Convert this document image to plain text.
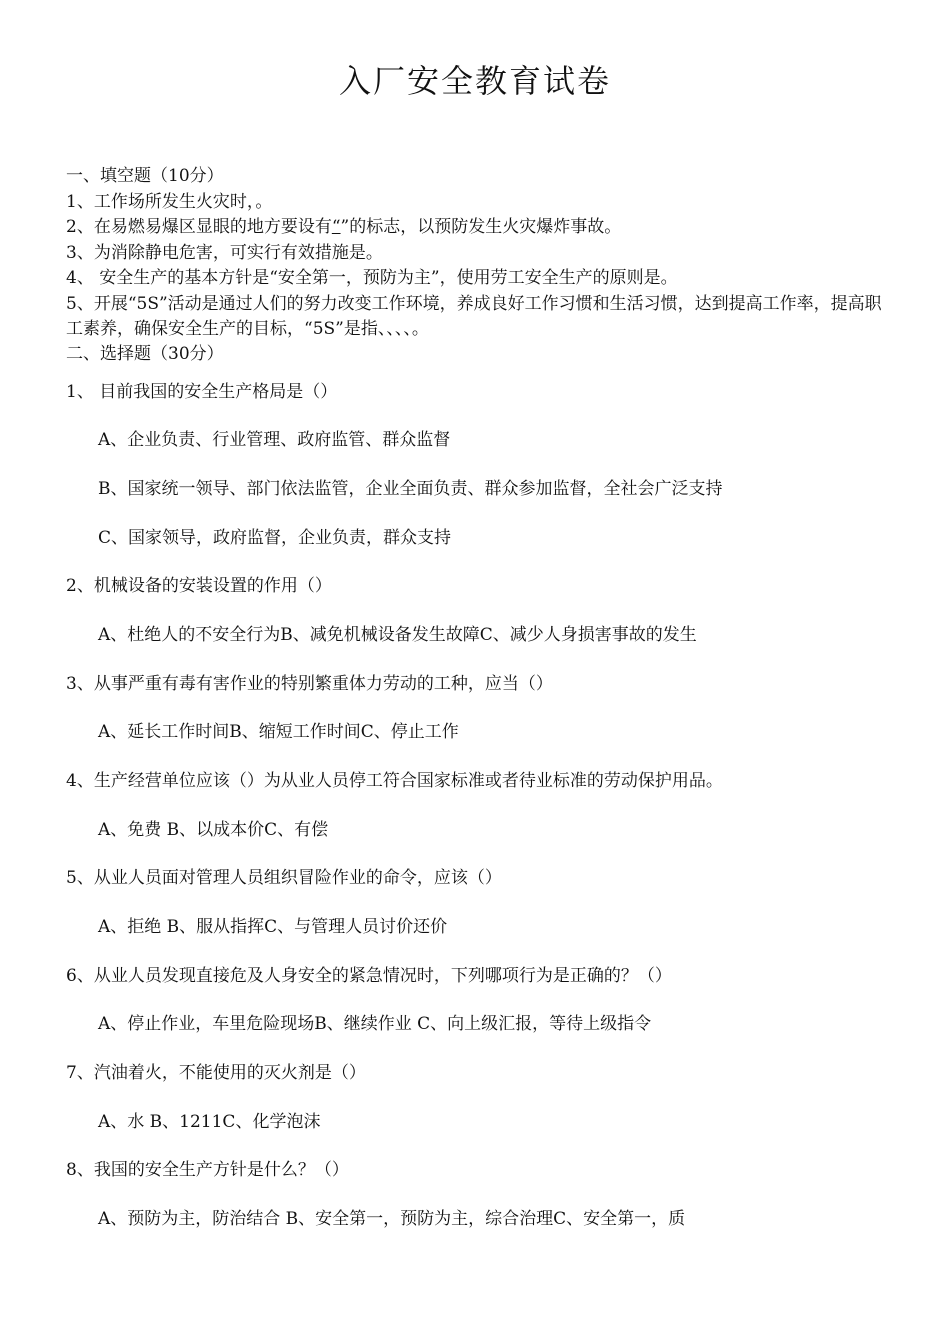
入厂安全教育试卷
一、填空题（10分）
1、工作场所发生火灾时，。
2、在易燃易爆区显眼的地方要设有“”的标志，以预防发生火灾爆炸事故。
3、为消除静电危害，可实行有效措施是。
4、 安全生产的基本方针是“安全第一，预防为主”，使用劳工安全生产的原则是。
5、开展“5S”活动是通过人们的努力改变工作环境，养成良好工作习惯和生活习惯，达到提高工作率，提高职工素养，确保安全生产的目标，“5S”是指、、、、。
二、选择题（30分）
1、 目前我国的安全生产格局是（）
A、企业负责、行业管理、政府监管、群众监督
B、国家统一领导、部门依法监管，企业全面负责、群众参加监督，全社会广泛支持
C、国家领导，政府监督，企业负责，群众支持
2、机械设备的安装设置的作用（）
A、杜绝人的不安全行为B、减免机械设备发生故障C、减少人身损害事故的发生
3、从事严重有毒有害作业的特别繁重体力劳动的工种，应当（）
A、延长工作时间B、缩短工作时间C、停止工作
4、生产经营单位应该（）为从业人员停工符合国家标准或者待业标准的劳动保护用品。
A、免费 B、以成本价C、有偿
5、从业人员面对管理人员组织冒险作业的命令，应该（）
A、拒绝 B、服从指挥C、与管理人员讨价还价
6、从业人员发现直接危及人身安全的紧急情况时，下列哪项行为是正确的？（）
A、停止作业，车里危险现场B、继续作业 C、向上级汇报，等待上级指令
7、汽油着火，不能使用的灭火剂是（）
A、水 B、1211C、化学泡沫
8、我国的安全生产方针是什么？（）
A、预防为主，防治结合 B、安全第一，预防为主，综合治理C、安全第一，质
